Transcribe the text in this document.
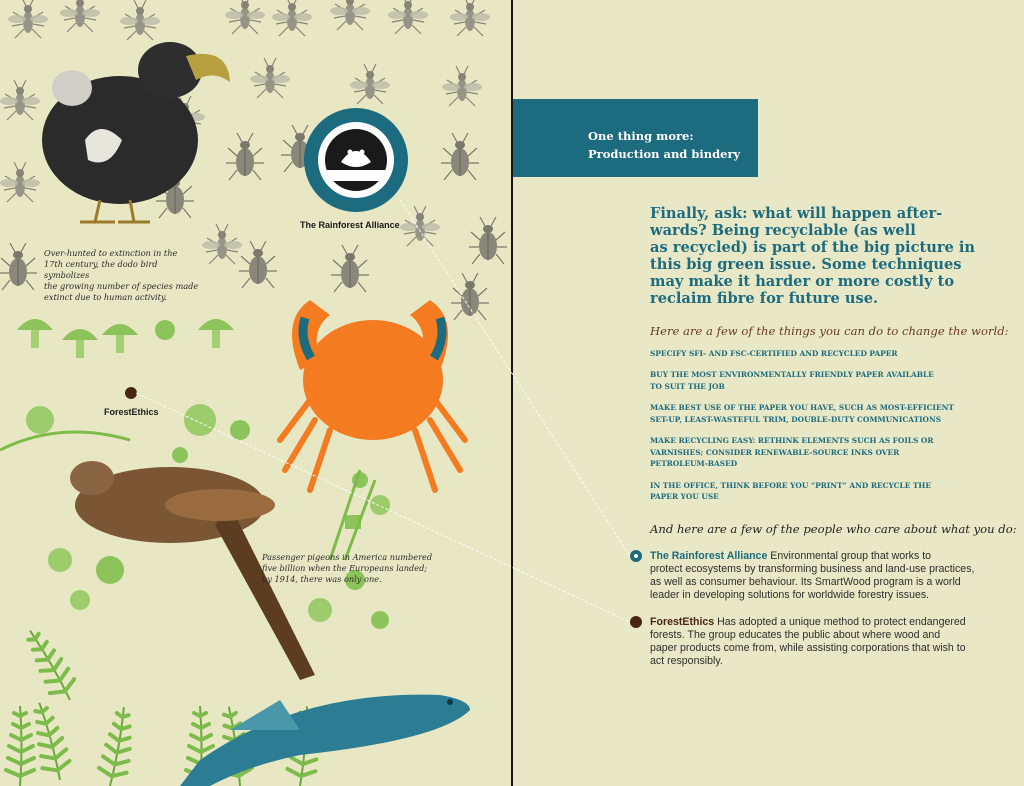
The Rainforest Alliance
ForestEthics
Over-hunted to extinction in the
17th century, the dodo bird symbolizes
the growing number of species made
extinct due to human activity.
Passenger pigeons in America numbered
five billion when the Europeans landed;
by 1914, there was only one.
One thing more:
Production and bindery
Finally, ask: what will happen after-
wards? Being recyclable (as well
as recycled) is part of the big picture in
this big green issue. Some techniques
may make it harder or more costly to
reclaim fibre for future use.

Here are a few of the things you can do to change the world:

SPECIFY SFI- AND FSC-CERTIFIED AND RECYCLED PAPER
BUY THE MOST ENVIRONMENTALLY FRIENDLY PAPER AVAILABLE
TO SUIT THE JOB
MAKE BEST USE OF THE PAPER YOU HAVE, SUCH AS MOST-EFFICIENT
SET-UP, LEAST-WASTEFUL TRIM, DOUBLE-DUTY COMMUNICATIONS
MAKE RECYCLING EASY: RETHINK ELEMENTS SUCH AS FOILS OR
VARNISHES; CONSIDER RENEWABLE-SOURCE INKS OVER
PETROLEUM-BASED
IN THE OFFICE, THINK BEFORE YOU “PRINT” AND RECYCLE THE
PAPER YOU USE

And here are a few of the people who care about what you do:

The Rainforest Alliance Environmental group that works to
protect ecosystems by transforming business and land-use practices,
as well as consumer behaviour. Its SmartWood program is a world
leader in developing solutions for worldwide forestry issues.
ForestEthics Has adopted a unique method to protect endangered
forests. The group educates the public about where wood and
paper products come from, while assisting corporations that wish to
act responsibly.
